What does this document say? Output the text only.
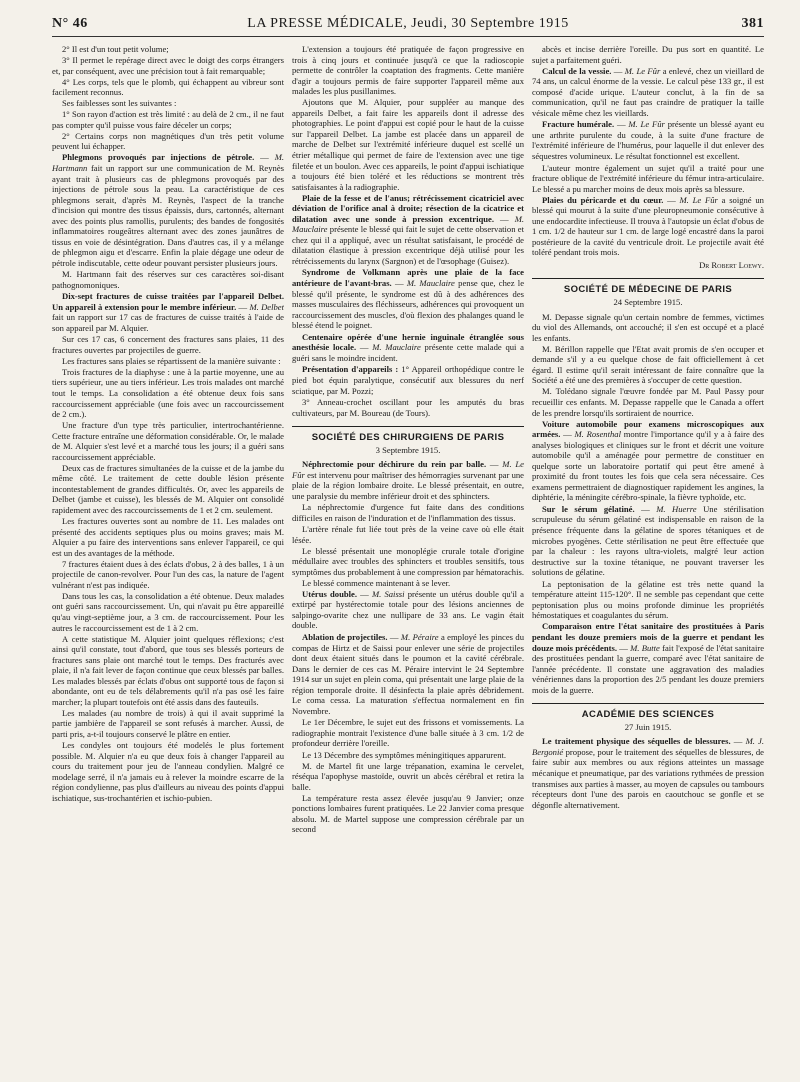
N° 46	LA PRESSE MÉDICALE, Jeudi, 30 Septembre 1915	381

2° Il est d'un tout petit volume;

3° Il permet le repérage direct avec le doigt des corps étrangers et, par conséquent, avec une précision tout à fait remarquable;

4° Les corps, tels que le plomb, qui échappent au vibreur sont facilement reconnus.

Ses faiblesses sont les suivantes :

1° Son rayon d'action est très limité : au delà de 2 cm., il ne faut pas compter qu'il puisse vous faire déceler un corps;

2° Certains corps non magnétiques d'un très petit volume peuvent lui échapper.

Phlegmons provoqués par injections de pétrole. — M. Hartmann fait un rapport sur une communication de M. Reynès ayant trait à plusieurs cas de phlegmons provoqués par des injections de pétrole sous la peau. La caractéristique de ces phlegmons serait, d'après M. Reynès, l'aspect de la tranche d'incision qui montre des tissus épaissis, durs, cartonnés, alternant avec des points plus ramollis, purulents; des bandes de fongosités inflammatoires rougeâtres alternant avec des zones jaunâtres de tissus en voie de désintégration. Dans d'autres cas, il y a mélange de phlegmon aigu et d'escarre. Enfin la plaie dégage une odeur de pétrole indiscutable, cette odeur pouvant persister plusieurs jours.

M. Hartmann fait des réserves sur ces caractères soi-disant pathognomoniques.

Dix-sept fractures de cuisse traitées par l'appareil Delbet. Un appareil à extension pour le membre inférieur. — M. Delbet fait un rapport sur 17 cas de fractures de cuisse traités à l'aide de son appareil par M. Alquier.

Sur ces 17 cas, 6 concernent des fractures sans plaies, 11 des fractures ouvertes par projectiles de guerre.

Les fractures sans plaies se répartissent de la manière suivante :

Trois fractures de la diaphyse : une à la partie moyenne, une au tiers supérieur, une au tiers inférieur. Les trois malades ont marché tout le temps. La consolidation a été obtenue deux fois sans raccourcissement appréciable (une fois avec un raccourcissement de 2 cm.).

Une fracture d'un type très particulier, intertrochantérienne. Cette fracture entraîne une déformation considérable. Or, le malade de M. Alquier s'est levé et a marché tous les jours; il a guéri sans raccourcissement appréciable.

Deux cas de fractures simultanées de la cuisse et de la jambe du même côté. Le traitement de cette double lésion présente incontestablement de grandes difficultés. Or, avec les appareils de Delbet (jambe et cuisse), les blessés de M. Alquier ont consolidé rapidement avec des raccourcissements de 1 et 2 cm. seulement.

Les fractures ouvertes sont au nombre de 11. Les malades ont présenté des accidents septiques plus ou moins graves; mais M. Alquier a pu faire des interventions sans enlever l'appareil, ce qui est un des avantages de la méthode.

7 fractures étaient dues à des éclats d'obus, 2 à des balles, 1 à un projectile de canon-revolver. Pour l'un des cas, la nature de l'agent vulnérant n'est pas indiquée.

Dans tous les cas, la consolidation a été obtenue. Deux malades ont guéri sans raccourcissement. Un, qui n'avait pu être appareillé qu'au vingt-septième jour, a 3 cm. de raccourcissement. Pour les autres le raccourcissement est de 1 à 2 cm.

A cette statistique M. Alquier joint quelques réflexions; c'est ainsi qu'il constate, tout d'abord, que tous ses blessés porteurs de fractures sans plaie ont marché tout le temps. Des fracturés avec plaie, il n'a fait lever de façon continue que ceux blessés par balles. Les malades blessés par éclats d'obus ont supporté tous de façon si abondante, ont eu de tels délabrements qu'il n'a pas osé les faire marcher; la plupart toutefois ont été assis dans des fauteuils.

Les malades (au nombre de trois) à qui il avait supprimé la partie jambière de l'appareil se sont refusés à marcher. Aussi, de parti pris, a-t-il toujours conservé le plâtre en entier.

Les condyles ont toujours été modelés le plus fortement possible. M. Alquier n'a eu que deux fois à changer l'appareil au cours du traitement pour jeu de l'anneau condylien. Malgré ce modelage serré, il n'a jamais eu à relever la moindre escarre de la région condylienne, pas plus d'ailleurs au niveau des points d'appui ischiatique, sus-trochantérien et ischio-pubien.

L'extension a toujours été pratiquée de façon progressive en trois à cinq jours et continuée jusqu'à ce que la radioscopie permette de contrôler la coaptation des fragments. Cette manière d'agir a toujours permis de faire supporter l'appareil même aux malades les plus pusillanimes.

Ajoutons que M. Alquier, pour suppléer au manque des appareils Delbet, a fait faire les appareils dont il adresse des photographies. Le point d'appui est copié pour le haut de la cuisse sur l'appareil Delbet. La jambe est placée dans un appareil de marche de Delbet sur l'extrémité inférieure duquel est scellé un étrier métallique qui permet de faire de l'extension avec une tige filetée et un boulon. Avec ces appareils, le point d'appui ischiatique a toujours été bien toléré et les réductions se montrent très satisfaisantes à la radiographie.

Plaie de la fesse et de l'anus; rétrécissement cicatriciel avec déviation de l'orifice anal à droite; résection de la cicatrice et dilatation avec une sonde à pression excentrique. — M. Mauclaire présente le blessé qui fait le sujet de cette observation et chez qui il a appliqué, avec un résultat satisfaisant, le procédé de dilatation élastique à pression excentrique déjà utilisé pour les rétrécissements du larynx (Sargnon) et de l'œsophage (Guisez).

Syndrome de Volkmann après une plaie de la face antérieure de l'avant-bras. — M. Mauclaire pense que, chez le blessé qu'il présente, le syndrome est dû à des adhérences des masses musculaires des fléchisseurs, adhérences qui provoquent un raccourcissement des muscles, d'où flexion des phalanges quand le blessé étend le poignet.

Centenaire opérée d'une hernie inguinale étranglée sous anesthésie locale. — M. Mauclaire présente cette malade qui a guéri sans le moindre incident.

Présentation d'appareils : 1° Appareil orthopédique contre le pied bot équin paralytique, consécutif aux blessures du nerf sciatique, par M. Pozzi;

3° Anneau-crochet oscillant pour les amputés du bras cultivateurs, par M. Boureau (de Tours).

SOCIÉTÉ DES CHIRURGIENS DE PARIS
3 Septembre 1915.

Néphrectomie pour déchirure du rein par balle. — M. Le Fûr est intervenu pour maîtriser des hémorragies survenant par une plaie de la région lombaire droite. Le blessé présentait, en outre, une paralysie du membre inférieur droit et des sphincters.

La néphrectomie d'urgence fut faite dans des conditions difficiles en raison de l'induration et de l'inflammation des tissus.

L'artère rénale fut liée tout près de la veine cave où elle était lésée.

Le blessé présentait une monoplégie crurale totale d'origine médullaire avec troubles des sphincters et troubles sensitifs, tous symptômes dus probablement à une compression par hématorachis.

Le blessé commence maintenant à se lever.

Utérus double. — M. Saissi présente un utérus double qu'il a extirpé par hystérectomie totale pour des lésions anciennes de salpingo-ovarite chez une nullipare de 33 ans. Le vagin était double.

Ablation de projectiles. — M. Péraire a employé les pinces du compas de Hirtz et de Saissi pour enlever une série de projectiles dont deux étaient situés dans le poumon et la cavité cérébrale. Dans le dernier de ces cas M. Péraire intervint le 24 Septembre 1914 sur un sujet en plein coma, qui présentait une large plaie de la région temporale droite. Il désinfecta la plaie après débridement. Le coma cessa. La maturation s'effectua normalement en fin Novembre.

Le 1er Décembre, le sujet eut des frissons et vomissements. La radiographie montrait l'existence d'une balle située à 3 cm. 1/2 de profondeur derrière l'oreille.

Le 13 Décembre des symptômes méningitiques apparurent.

M. de Martel fit une large trépanation, examina le cervelet, réséqua l'apophyse mastoïde, ouvrit un abcès cérébral et retira la balle.

La température resta assez élevée jusqu'au 9 Janvier; onze ponctions lombaires furent pratiquées. Le 22 Janvier coma presque absolu. M. de Martel suppose une compression cérébrale par un second

abcès et incise derrière l'oreille. Du pus sort en quantité. Le sujet a parfaitement guéri.

Calcul de la vessie. — M. Le Fûr a enlevé, chez un vieillard de 74 ans, un calcul énorme de la vessie. Le calcul pèse 133 gr., il est composé d'acide urique. L'auteur conclut, à la fin de sa communication, qu'il ne faut pas craindre de pratiquer la taille vésicale même chez les vieillards.

Fracture humérale. — M. Le Fûr présente un blessé ayant eu une arthrite purulente du coude, à la suite d'une fracture de l'extrémité inférieure de l'humérus, pour laquelle il dut enlever des séquestres volumineux. Le résultat fonctionnel est excellent.

L'auteur montre également un sujet qu'il a traité pour une fracture oblique de l'extrémité inférieure du fémur intra-articulaire. Le blessé a pu marcher moins de deux mois après sa blessure.

Plaies du péricarde et du cœur. — M. Le Fûr a soigné un blessé qui mourut à la suite d'une pleuropneumonie consécutive à une endocardite infectieuse. Il trouva à l'autopsie un éclat d'obus de 1 cm. 1/2 de hauteur sur 1 cm. de large logé encastré dans la paroi postérieure de la cavité du ventricule droit. Le projectile avait été toléré pendant trois mois.

Dr Robert Loewy.
SOCIÉTÉ DE MÉDECINE DE PARIS
24 Septembre 1915.

M. Depasse signale qu'un certain nombre de femmes, victimes du viol des Allemands, ont accouché; il s'en est occupé et a placé les enfants.

M. Bérillon rappelle que l'Etat avait promis de s'en occuper et demande s'il y a eu quelque chose de fait officiellement à cet égard. Il estime qu'il serait intéressant de faire connaître que la Société a été une des premières à s'occuper de cette question.

M. Tolédano signale l'œuvre fondée par M. Paul Passy pour recueillir ces enfants. M. Depasse rappelle que le Canada a offert de les prendre lorsqu'ils sortiraient de nourrice.

Voiture automobile pour examens microscopiques aux armées. — M. Rosenthal montre l'importance qu'il y a à faire des analyses biologiques et cliniques sur le front et décrit une voiture automobile qu'il a aménagée pour permettre de constituer en quelque sorte un laboratoire portatif qui peut être amené à proximité du front toutes les fois que cela sera nécessaire. Ces examens permettraient de diagnostiquer rapidement les angines, la diphtérie, la méningite cérébro-spinale, la fièvre typhoïde, etc.

Sur le sérum gélatiné. — M. Huerre Une stérilisation scrupuleuse du sérum gélatiné est indispensable en raison de la présence fréquente dans la gélatine de spores tétaniques et de microbes pyogènes. Cette stérilisation ne peut être effectuée que par la chaleur : les rayons ultra-violets, malgré leur action destructive sur la toxine tétanique, ne pouvant traverser les solutions de gélatine.

La peptonisation de la gélatine est très nette quand la température atteint 115-120°. Il ne semble pas cependant que cette peptonisation plus ou moins profonde diminue les propriétés hémostatiques et coagulantes du sérum.

Comparaison entre l'état sanitaire des prostituées à Paris pendant les douze premiers mois de la guerre et pendant les douze mois précédents. — M. Butte fait l'exposé de l'état sanitaire des prostituées pendant la guerre, comparé avec l'état sanitaire de l'année précédente. Il constate une aggravation des maladies vénériennes dans la proportion des 2/5 pendant les douze premiers mois de la guerre.

ACADÉMIE DES SCIENCES
27 Juin 1915.

Le traitement physique des séquelles de blessures. — M. J. Bergonié propose, pour le traitement des séquelles de blessures, de faire subir aux membres ou aux régions atteintes un massage mécanique et pneumatique, par des variations rythmées de pression transmises aux parties à masser, au moyen de capsules ou tambours récepteurs dont l'une des parois en caoutchouc se gonfle et se dégonfle alternativement.
